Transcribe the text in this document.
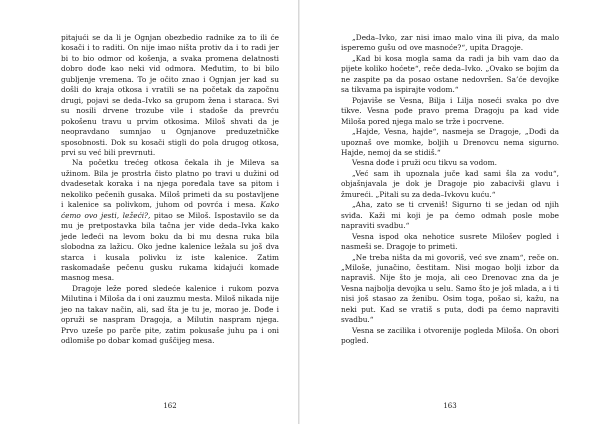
pitajući se da li je Ognjan obezbedio radnike za to ili će kosači i to raditi. On nije imao ništa protiv da i to radi jer bi to bio odmor od košenja, a svaka promena delatnosti dobro dođe kao neki vid odmora. Međutim, to bi bilo gubljenje vremena. To je očito znao i Ognjan jer kad su došli do kraja otkosa i vratili se na početak da započnu drugi, pojavi se deda–Ivko sa grupom žena i staraca. Svi su nosili drvene trozube vile i stadoše da prevrću pokošenu travu u prvim otkosima. Miloš shvati da je neopravdano sumnjao u Ognjanove preduzetničke sposobnosti. Dok su kosači stigli do pola drugog otkosa, prvi su već bili prevrnuti.

Na početku trećeg otkosa čekala ih je Mileva sa užinom. Bila je prostrla čisto platno po travi u dužini od dvadesetak koraka i na njega poređala tave sa pitom i nekoliko pečenih gusaka. Miloš primeti da su postavljene i kalenice sa polivkom, juhom od povrća i mesa. Kako ćemo ovo jesti, ležeći?, pitao se Miloš. Ispostavilo se da mu je pretpostavka bila tačna jer vide deda–Ivka kako jede leđeći na levom boku da bi mu desna ruka bila slobodna za lažicu. Oko jedne kalenice ležala su još dva starca i kusala polivku iz iste kalenice. Zatim raskomadaše pečenu gusku rukama kidajući komade masnog mesa.

Dragoje leže pored sledeće kalenice i rukom pozva Milutina i Miloša da i oni zauzmu mesta. Miloš nikada nije jeo na takav način, ali, sad šta je tu je, morao je. Dođe i opruži se naspram Dragoja, a Milutin naspram njega. Prvo uzeše po parče pite, zatim pokusaše juhu pa i oni odlomiše po dobar komad guščijeg mesa.

162

„Deda–Ivko, zar nisi imao malo vina ili piva, da malo isperemo gušu od ove masnoće?“, upita Dragoje.

„Kad bi kosa mogla sama da radi ja bih vam dao da pijete koliko hoćete“, reče deda–Ivko. „Ovako se bojim da ne zaspite pa da posao ostane nedovršen. Sa’će devojke sa tikvama pa ispirajte vodom.“

Pojaviše se Vesna, Bilja i Lilja noseći svaka po dve tikve. Vesna pođe pravo prema Dragoju pa kad vide Miloša pored njega malo se trže i pocrvene.

„Hajde, Vesna, hajde“, nasmeja se Dragoje, „Dođi da upoznaš ove momke, boljih u Drenovcu nema sigurno. Hajde, nemoj da se stidiš.“

Vesna dođe i pruži ocu tikvu sa vodom.

„Već sam ih upoznala juče kad sami šla za vodu“, objašnjavala je dok je Dragoje pio zabacivši glavu i žmureći. „Pitali su za deda–Ivkovu kuću.“

„Aha, zato se ti crveniš! Sigurno ti se jedan od njih sviđa. Kaži mi koji je pa ćemo odmah posle mobe napraviti svadbu.“

Vesna ispod oka nehotice susrete Milošev pogled i nasmeši se. Dragoje to primeti.

„Ne treba ništa da mi govoriš, već sve znam“, reče on. „Miloše, junačino, čestitam. Nisi mogao bolji izbor da napraviš. Nije što je moja, ali ceo Drenovac zna da je Vesna najbolja devojka u selu. Samo što je još mlada, a i ti nisi još stasao za ženibu. Osim toga, pošao si, kažu, na neki put. Kad se vratiš s puta, dođi pa ćemo napraviti svadbu.“

Vesna se zacilika i otvorenije pogleda Miloša. On obori pogled.

163
